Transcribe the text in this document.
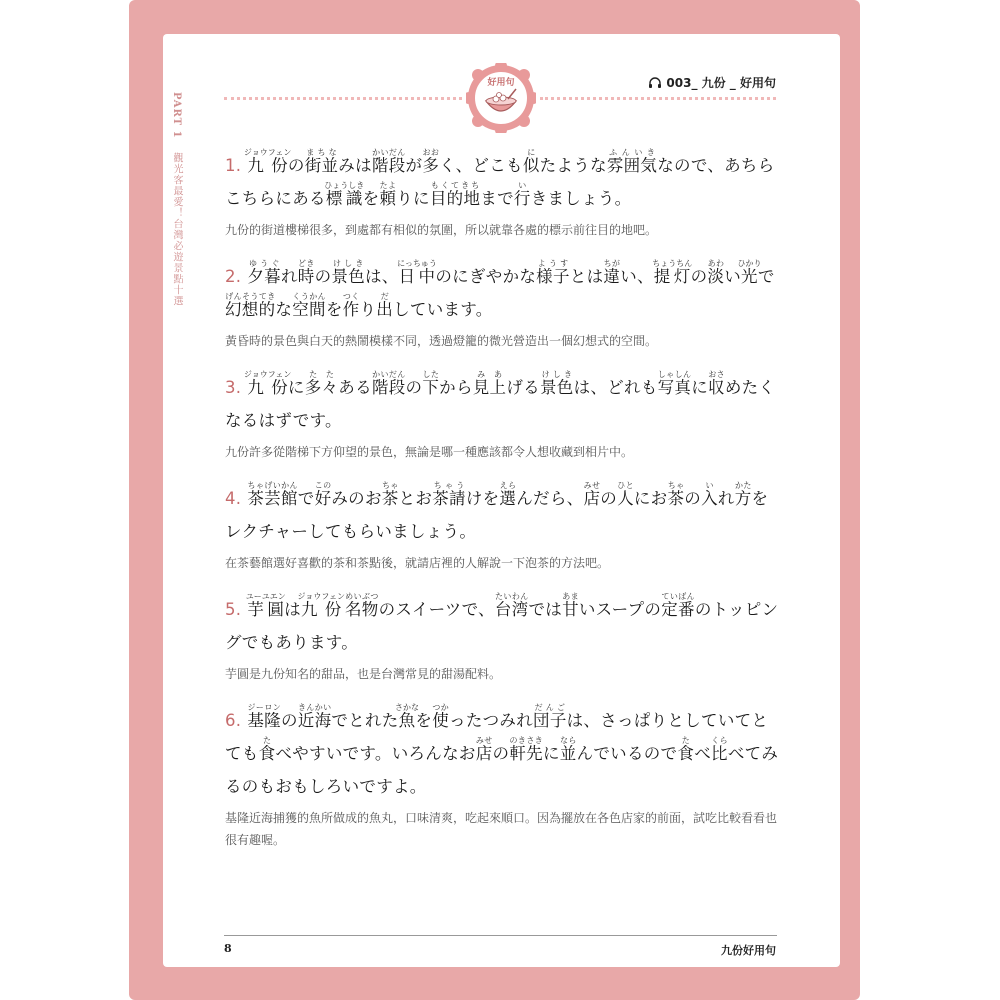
PART 1 觀光客最愛！台灣必遊景點十選
好用句	003_ 九份 _ 好用句
1. 九份ジョウフェンの街並まちなみは階段かいだんが多おおく、どこも似にたような雰囲気ふんいきなので、あちらこちらにある標識ひょうしきを頼たよりに目的地もくてきちまで行いきましょう。
九份的街道樓梯很多，到處都有相似的氛圍，所以就靠各處的標示前往目的地吧。
2. 夕暮ゆうぐれ時どきの景色けしきは、日中にっちゅうのにぎやかな様子ようすとは違ちがい、提灯ちょうちんの淡あわい光ひかりで幻想げんそう的てきな空間くうかんを作つくり出だしています。
黃昏時的景色與白天的熱鬧模樣不同，透過燈籠的微光營造出一個幻想式的空間。
3. 九份ジョウフェンに多々たたある階段かいだんの下したから見上みあげる景色けしきは、どれも写真しゃしんに収おさめたくなるはずです。
九份許多從階梯下方仰望的景色，無論是哪一種應該都令人想收藏到相片中。
4. 茶芸館ちゃげいかんで好このみのお茶ちゃとお茶請ちゃうけを選えらんだら、店みせの人ひとにお茶ちゃの入いれ方かたをレクチャーしてもらいましょう。
在茶藝館選好喜歡的茶和茶點後，就請店裡的人解說一下泡茶的方法吧。
5. 芋圓ユーユエンは九份ジョウフェン名物めいぶつのスイーツで、台湾たいわんでは甘あまいスープの定番ていばんのトッピングでもあります。
芋圓是九份知名的甜品，也是台灣常見的甜湯配料。
6. 基隆ジーロンの近海きんかいでとれた魚さかなを使つかったつみれ団子だんごは、さっぱりとしていてとても食たべやすいです。いろんなお店みせの軒先のきさきに並ならんでいるので食たべ比くらべてみるのもおもしろいですよ。
基隆近海捕獲的魚所做成的魚丸，口味清爽，吃起來順口。因為擺放在各色店家的前面，試吃比較看看也很有趣喔。
8	九份好用句
